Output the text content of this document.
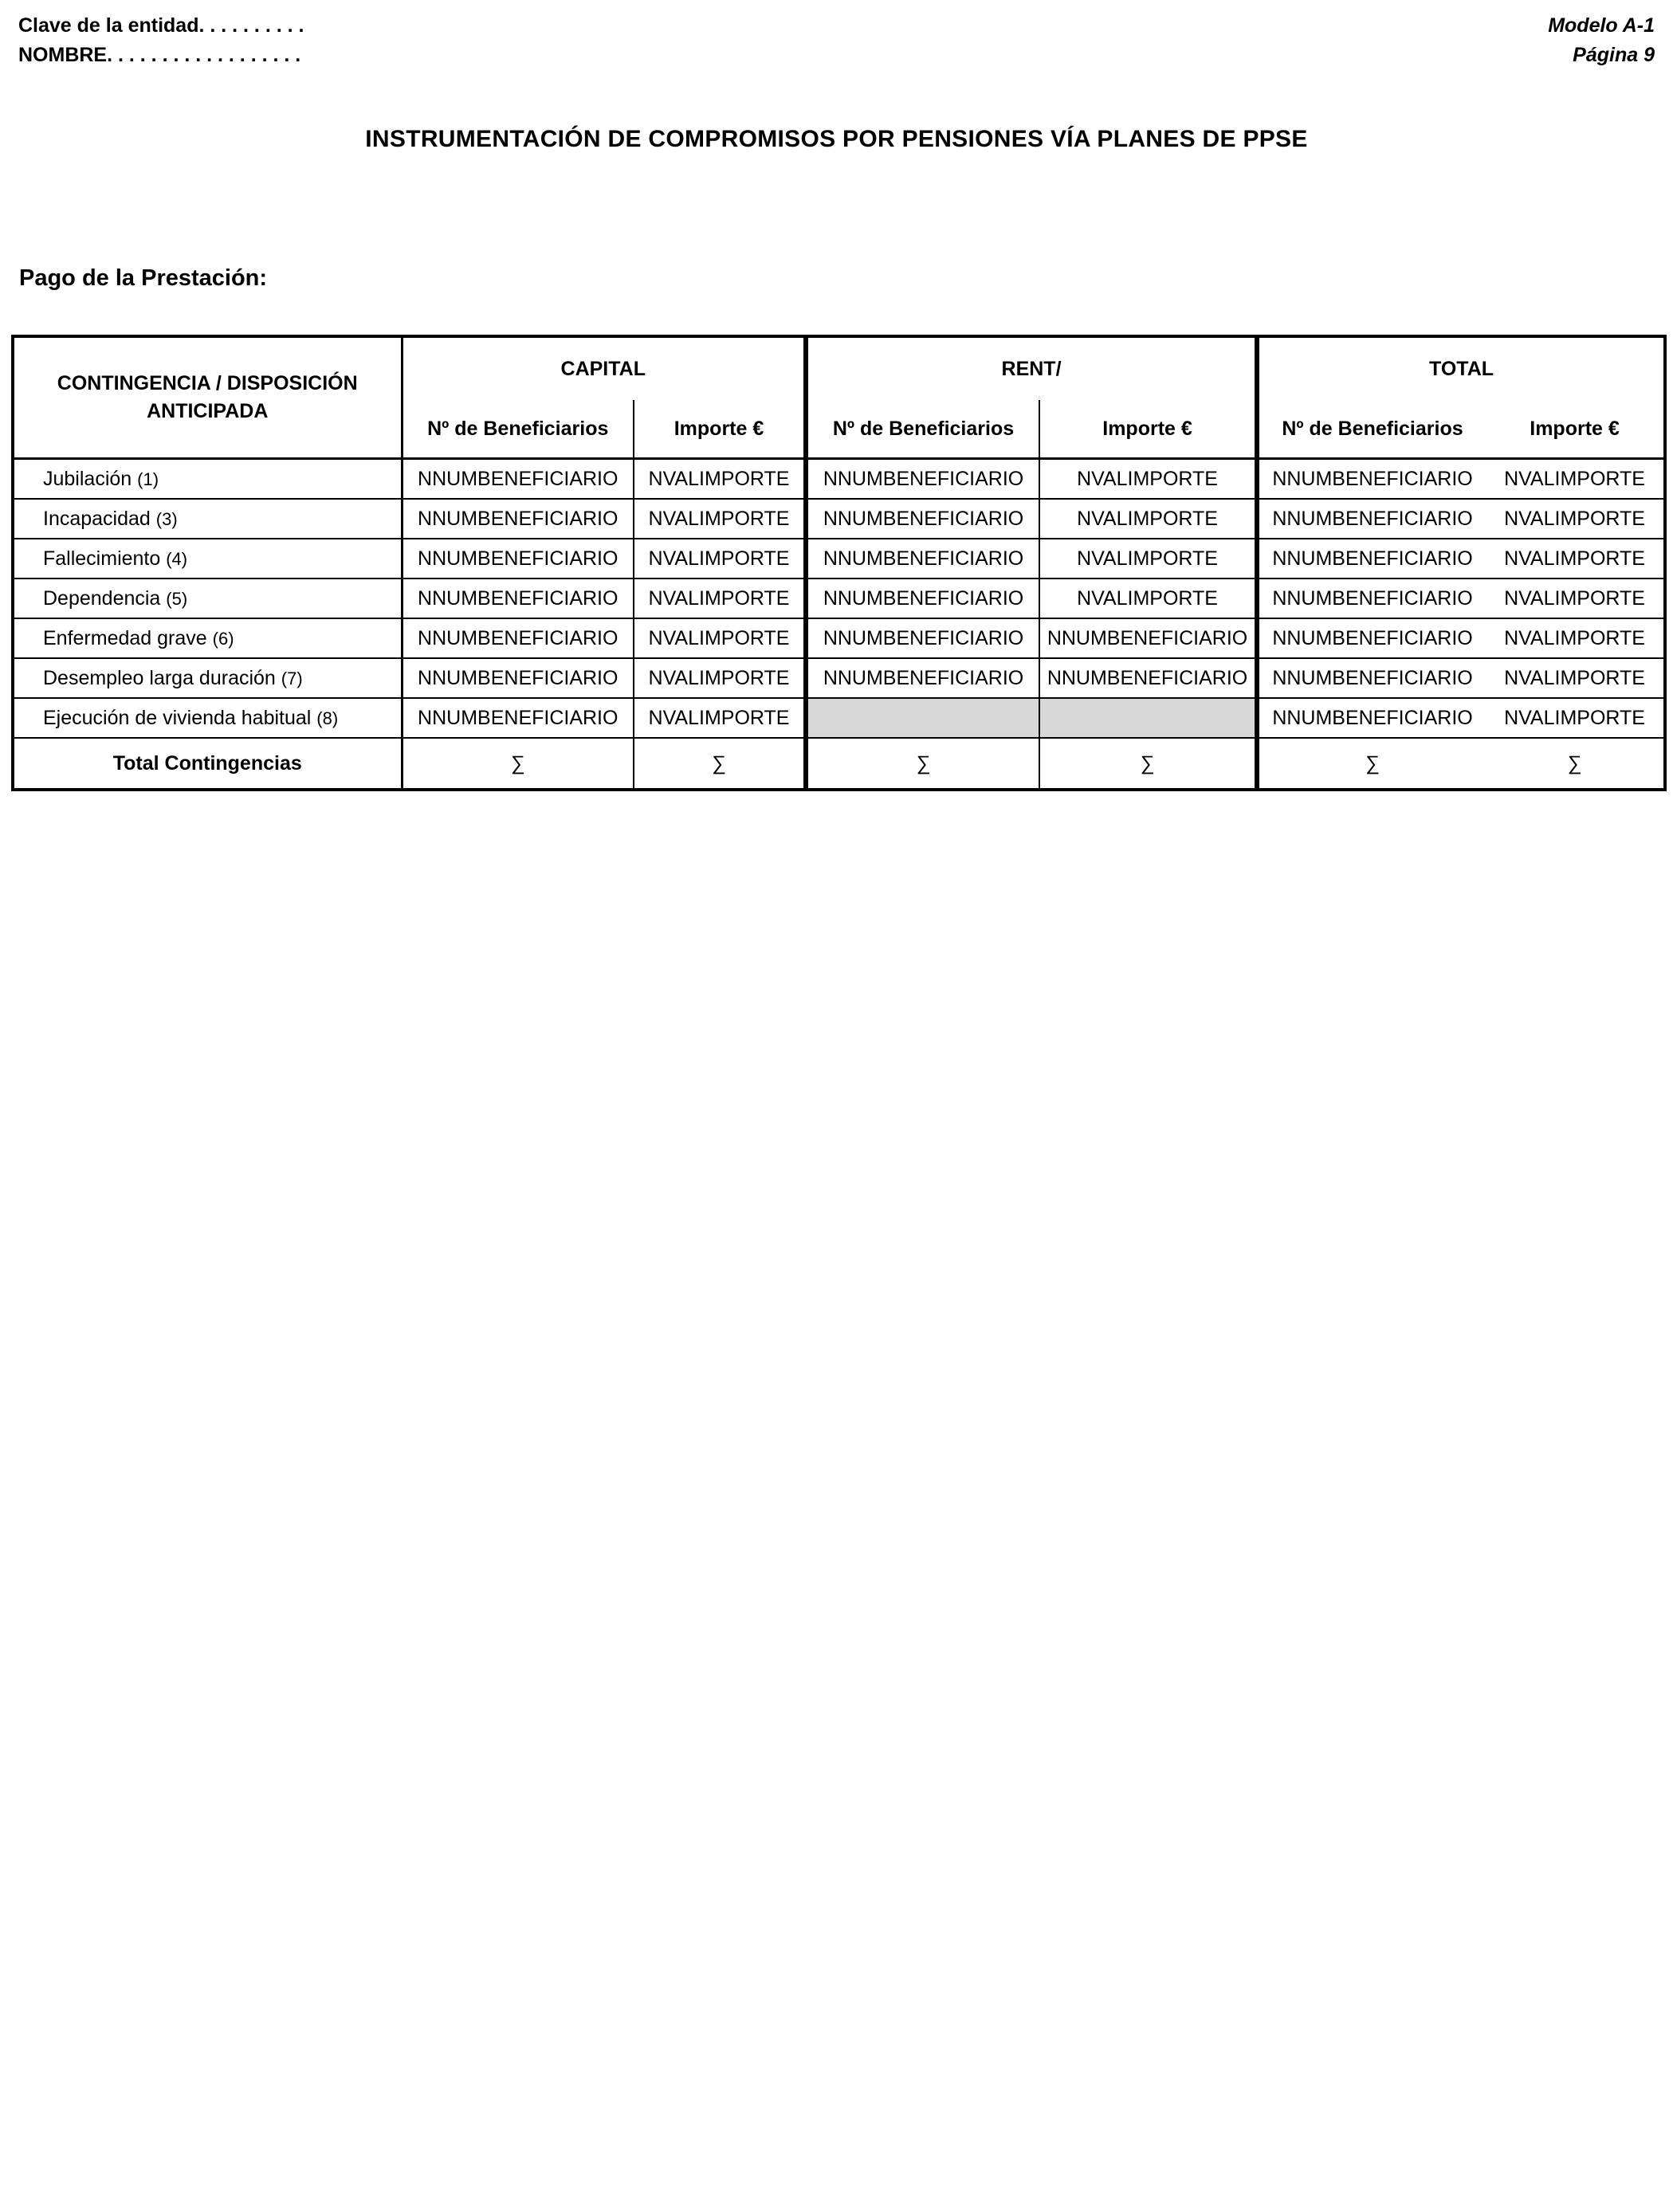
Clave de la entidad. . . . . . . . . .
NOMBRE. . . . . . . . . . . . . . . . . .
Modelo A-1
Página 9
INSTRUMENTACIÓN DE COMPROMISOS POR PENSIONES VÍA PLANES DE PPSE
Pago de la Prestación:
CONTINGENCIA / DISPOSICIÓN
ANTICIPADA	CAPITAL		RENT/		TOTAL	
	Nº de Beneficiarios	Importe €	Nº de Beneficiarios	Importe €	Nº de Beneficiarios	Importe €
Jubilación (1)	NNUMBENEFICIARIO	NVALIMPORTE	NNUMBENEFICIARIO	NVALIMPORTE	NNUMBENEFICIARIO	NVALIMPORTE
Incapacidad (3)	NNUMBENEFICIARIO	NVALIMPORTE	NNUMBENEFICIARIO	NVALIMPORTE	NNUMBENEFICIARIO	NVALIMPORTE
Fallecimiento (4)	NNUMBENEFICIARIO	NVALIMPORTE	NNUMBENEFICIARIO	NVALIMPORTE	NNUMBENEFICIARIO	NVALIMPORTE
Dependencia (5)	NNUMBENEFICIARIO	NVALIMPORTE	NNUMBENEFICIARIO	NVALIMPORTE	NNUMBENEFICIARIO	NVALIMPORTE
Enfermedad grave (6)	NNUMBENEFICIARIO	NVALIMPORTE	NNUMBENEFICIARIO	NNUMBENEFICIARIO	NNUMBENEFICIARIO	NVALIMPORTE
Desempleo larga duración (7)	NNUMBENEFICIARIO	NVALIMPORTE	NNUMBENEFICIARIO	NNUMBENEFICIARIO	NNUMBENEFICIARIO	NVALIMPORTE
Ejecución de vivienda habitual (8)	NNUMBENEFICIARIO	NVALIMPORTE			NNUMBENEFICIARIO	NVALIMPORTE
Total Contingencias	∑	∑	∑	∑	∑	∑
